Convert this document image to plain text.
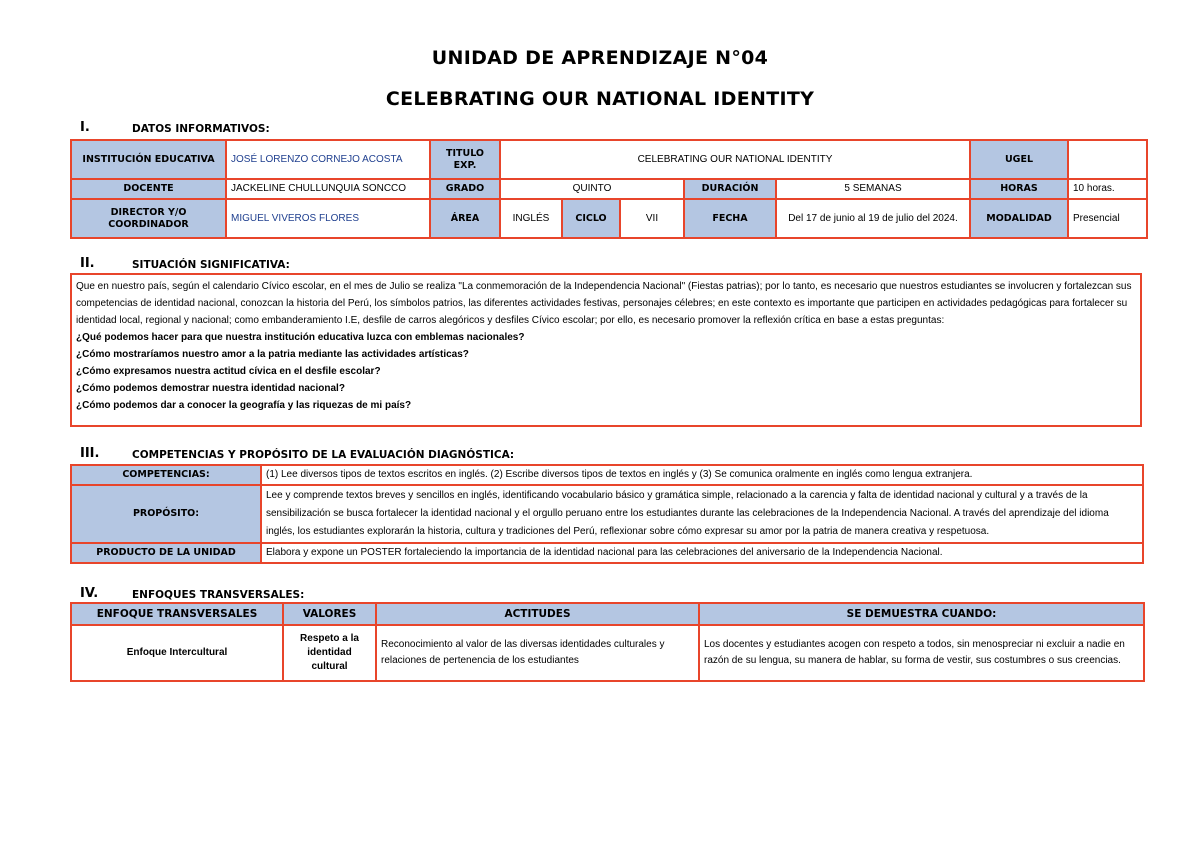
UNIDAD DE APRENDIZAJE N°04
CELEBRATING OUR NATIONAL IDENTITY
I.	DATOS INFORMATIVOS:
INSTITUCIÓN EDUCATIVA	JOSÉ LORENZO CORNEJO ACOSTA	TITULO EXP.	CELEBRATING OUR NATIONAL IDENTITY					UGEL	
DOCENTE	JACKELINE CHULLUNQUIA SONCCO	GRADO	QUINTO			DURACIÓN	5 SEMANAS	HORAS	10 horas.
DIRECTOR Y/O COORDINADOR	MIGUEL VIVEROS FLORES	ÁREA	INGLÉS	CICLO	VII	FECHA	Del 17 de junio al 19 de julio del 2024.	MODALIDAD	Presencial
II.	SITUACIÓN SIGNIFICATIVA:

Que en nuestro país, según el calendario Cívico escolar, en el mes de Julio se realiza "La conmemoración de la Independencia Nacional" (Fiestas patrias); por lo tanto, es necesario que nuestros estudiantes se involucren y fortalezcan sus competencias de identidad nacional, conozcan la historia del Perú, los símbolos patrios, las diferentes actividades festivas, personajes célebres; en este contexto es importante que participen en actividades pedagógicas para fortalecer su identidad local, regional y nacional; como embanderamiento I.E, desfile de carros alegóricos y desfiles Cívico escolar; por ello, es necesario promover la reflexión crítica en base a estas preguntas:

¿Qué podemos hacer para que nuestra institución educativa luzca con emblemas nacionales?

¿Cómo mostraríamos nuestro amor a la patria mediante las actividades artísticas?

¿Cómo expresamos nuestra actitud cívica en el desfile escolar?

¿Cómo podemos demostrar nuestra identidad nacional?

¿Cómo podemos dar a conocer la geografía y las riquezas de mi país?

III.	COMPETENCIAS Y PROPÓSITO DE LA EVALUACIÓN DIAGNÓSTICA:
COMPETENCIAS:	(1) Lee diversos tipos de textos escritos en inglés. (2) Escribe diversos tipos de textos en inglés y (3) Se comunica oralmente en inglés como lengua extranjera.
PROPÓSITO:	Lee y comprende textos breves y sencillos en inglés, identificando vocabulario básico y gramática simple, relacionado a la carencia y falta de identidad nacional y cultural y a través de la sensibilización se busca fortalecer la identidad nacional y el orgullo peruano entre los estudiantes durante las celebraciones de la Independencia Nacional. A través del aprendizaje del idioma inglés, los estudiantes explorarán la historia, cultura y tradiciones del Perú, reflexionar sobre cómo expresar su amor por la patria de manera creativa y respetuosa.
PRODUCTO DE LA UNIDAD	Elabora y expone un POSTER fortaleciendo la importancia de la identidad nacional para las celebraciones del aniversario de la Independencia Nacional.
IV.	ENFOQUES TRANSVERSALES:
ENFOQUE TRANSVERSALES	VALORES	ACTITUDES	SE DEMUESTRA CUANDO:
Enfoque Intercultural	Respeto a la identidad cultural	Reconocimiento al valor de las diversas identidades culturales y relaciones de pertenencia de los estudiantes	Los docentes y estudiantes acogen con respeto a todos, sin menospreciar ni excluir a nadie en razón de su lengua, su manera de hablar, su forma de vestir, sus costumbres o sus creencias.
